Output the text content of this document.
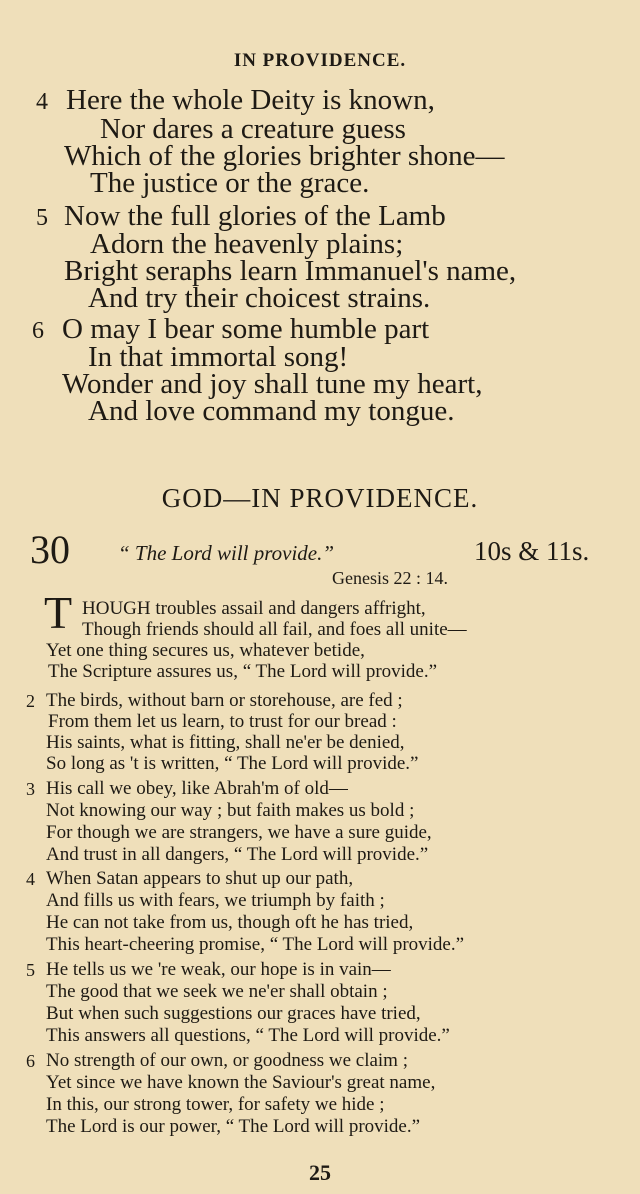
IN PROVIDENCE.
4 Here the whole Deity is known,
Nor dares a creature guess
Which of the glories brighter shone—
The justice or the grace.
5 Now the full glories of the Lamb
Adorn the heavenly plains;
Bright seraphs learn Immanuel's name,
And try their choicest strains.
6 O may I bear some humble part
In that immortal song!
Wonder and joy shall tune my heart,
And love command my tongue.
GOD—IN PROVIDENCE.
30 “ The Lord will provide.”	10s & 11s.
Genesis 22 : 14.
T HOUGH troubles assail and dangers affright,
Though friends should all fail, and foes all unite—
Yet one thing secures us, whatever betide,
The Scripture assures us, “ The Lord will provide.”
2 The birds, without barn or storehouse, are fed ;
From them let us learn, to trust for our bread :
His saints, what is fitting, shall ne'er be denied,
So long as 't is written, “ The Lord will provide.”
3 His call we obey, like Abrah'm of old—
Not knowing our way ; but faith makes us bold ;
For though we are strangers, we have a sure guide,
And trust in all dangers, “ The Lord will provide.”
4 When Satan appears to shut up our path,
And fills us with fears, we triumph by faith ;
He can not take from us, though oft he has tried,
This heart-cheering promise, “ The Lord will provide.”
5 He tells us we 're weak, our hope is in vain—
The good that we seek we ne'er shall obtain ;
But when such suggestions our graces have tried,
This answers all questions, “ The Lord will provide.”
6 No strength of our own, or goodness we claim ;
Yet since we have known the Saviour's great name,
In this, our strong tower, for safety we hide ;
The Lord is our power, “ The Lord will provide.”
25
